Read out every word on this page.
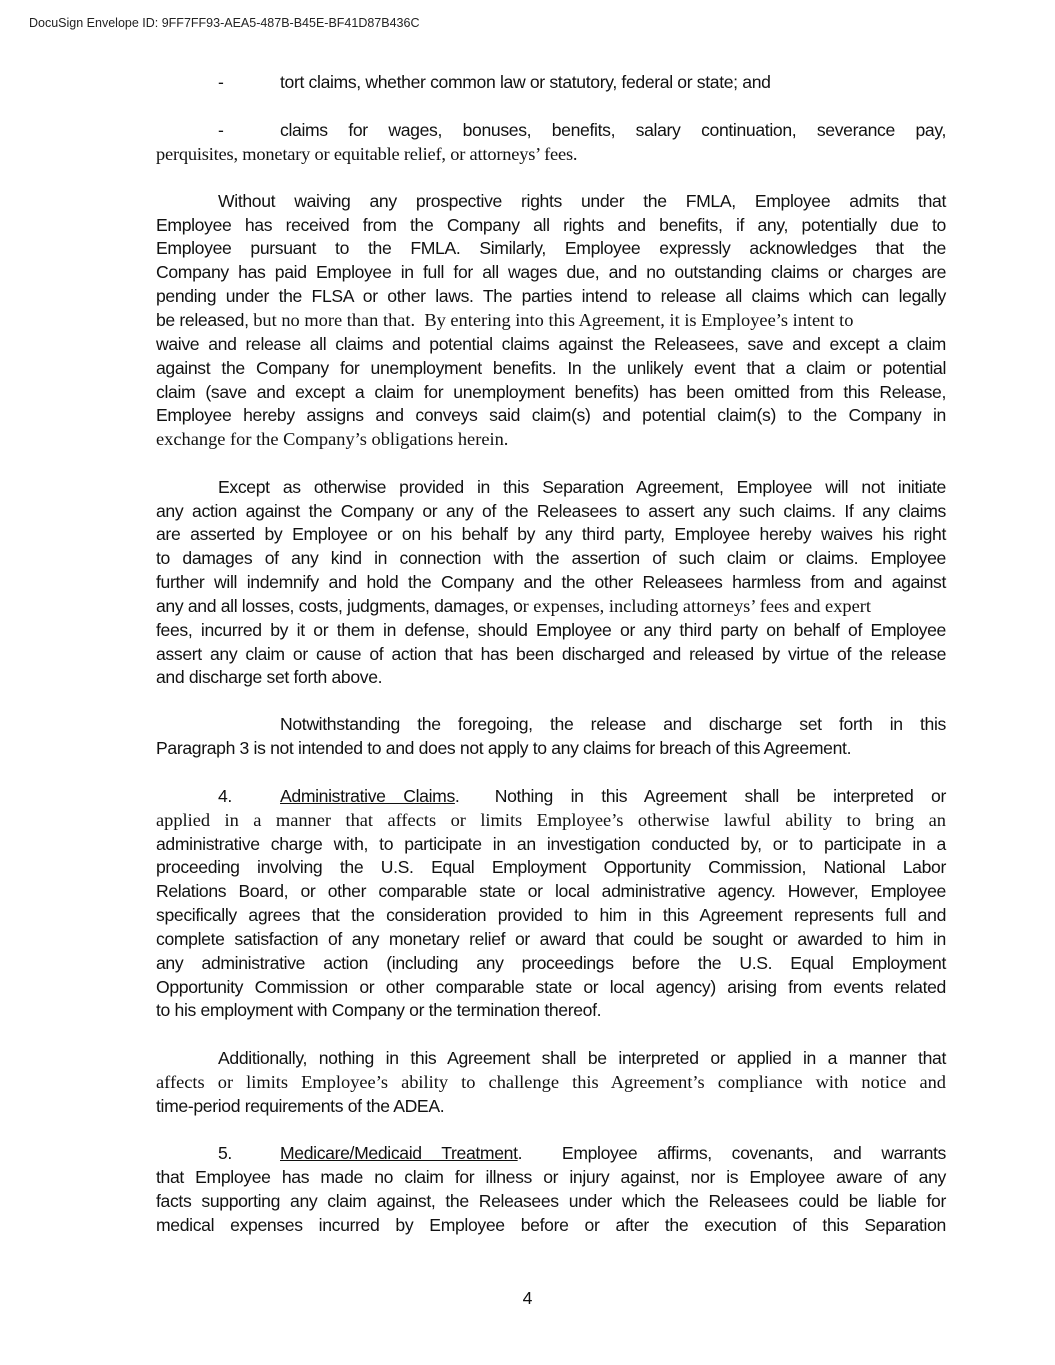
DocuSign Envelope ID: 9FF7FF93-AEA5-487B-B45E-BF41D87B436C
-	tort claims, whether common law or statutory, federal or state; and
-	claims for wages, bonuses, benefits, salary continuation, severance pay,
perquisites, monetary or equitable relief, or attorneys’ fees.
Without waiving any prospective rights under the FMLA, Employee admits that
Employee has received from the Company all rights and benefits, if any, potentially due to
Employee pursuant to the FMLA. Similarly, Employee expressly acknowledges that the
Company has paid Employee in full for all wages due, and no outstanding claims or charges are
pending under the FLSA or other laws. The parties intend to release all claims which can legally
be released, but no more than that.  By entering into this Agreement, it is Employee’s intent to
waive and release all claims and potential claims against the Releasees, save and except a claim
against the Company for unemployment benefits. In the unlikely event that a claim or potential
claim (save and except a claim for unemployment benefits) has been omitted from this Release,
Employee hereby assigns and conveys said claim(s) and potential claim(s) to the Company in
exchange for the Company’s obligations herein.
Except as otherwise provided in this Separation Agreement, Employee will not initiate
any action against the Company or any of the Releasees to assert any such claims. If any claims
are asserted by Employee or on his behalf by any third party, Employee hereby waives his right
to damages of any kind in connection with the assertion of such claim or claims. Employee
further will indemnify and hold the Company and the other Releasees harmless from and against
any and all losses, costs, judgments, damages, or expenses, including attorneys’ fees and expert
fees, incurred by it or them in defense, should Employee or any third party on behalf of Employee
assert any claim or cause of action that has been discharged and released by virtue of the release
and discharge set forth above.
Notwithstanding the foregoing, the release and discharge set forth in this
Paragraph 3 is not intended to and does not apply to any claims for breach of this Agreement.
4.	Administrative Claims.  Nothing in this Agreement shall be interpreted or
applied in a manner that affects or limits Employee’s otherwise lawful ability to bring an
administrative charge with, to participate in an investigation conducted by, or to participate in a
proceeding involving the U.S. Equal Employment Opportunity Commission, National Labor
Relations Board, or other comparable state or local administrative agency. However, Employee
specifically agrees that the consideration provided to him in this Agreement represents full and
complete satisfaction of any monetary relief or award that could be sought or awarded to him in
any administrative action (including any proceedings before the U.S. Equal Employment
Opportunity Commission or other comparable state or local agency) arising from events related
to his employment with Company or the termination thereof.
Additionally, nothing in this Agreement shall be interpreted or applied in a manner that
affects or limits Employee’s ability to challenge this Agreement’s compliance with notice and
time-period requirements of the ADEA.
5.	Medicare/Medicaid Treatment.  Employee affirms, covenants, and warrants
that Employee has made no claim for illness or injury against, nor is Employee aware of any
facts supporting any claim against, the Releasees under which the Releasees could be liable for
medical expenses incurred by Employee before or after the execution of this Separation
4
